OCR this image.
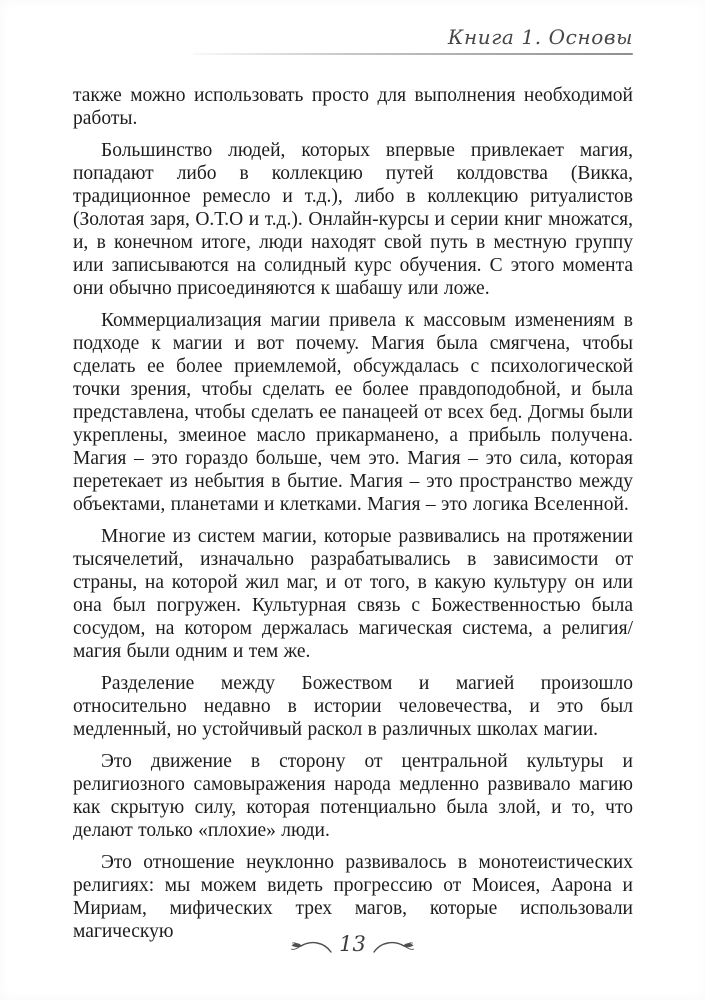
Книга 1. Основы

также можно использовать просто для выполнения необходимой работы.

Большинство людей, которых впервые привлекает магия, попадают либо в коллекцию путей колдовства (Викка, традиционное ремесло и т.д.), либо в коллекцию ритуалистов (Золотая заря, О.Т.О и т.д.). Онлайн-курсы и серии книг множатся, и, в конечном итоге, люди находят свой путь в местную группу или записываются на солидный курс обучения. С этого момента они обычно присоединяются к шабашу или ложе.

Коммерциализация магии привела к массовым изменениям в подходе к магии и вот почему. Магия была смягчена, чтобы сделать ее более приемлемой, обсуждалась с психологической точки зрения, чтобы сделать ее более правдоподобной, и была представлена, чтобы сделать ее панацеей от всех бед. Догмы были укреплены, змеиное масло прикарманено, а прибыль получена. Магия – это гораздо больше, чем это. Магия – это сила, которая перетекает из небытия в бытие. Магия – это пространство между объектами, планетами и клетками. Магия – это логика Вселенной.

Многие из систем магии, которые развивались на протяжении тысячелетий, изначально разрабатывались в зависимости от страны, на которой жил маг, и от того, в какую культуру он или она был погружен. Культурная связь с Божественностью была сосудом, на котором держалась магическая система, а религия/магия были одним и тем же.

Разделение между Божеством и магией произошло относительно недавно в истории человечества, и это был медленный, но устойчивый раскол в различных школах магии.

Это движение в сторону от центральной культуры и религиозного самовыражения народа медленно развивало магию как скрытую силу, которая потенциально была злой, и то, что делают только «плохие» люди.

Это отношение неуклонно развивалось в монотеистических религиях: мы можем видеть прогрессию от Моисея, Аарона и Мириам, мифических трех магов, которые использовали магическую

13
